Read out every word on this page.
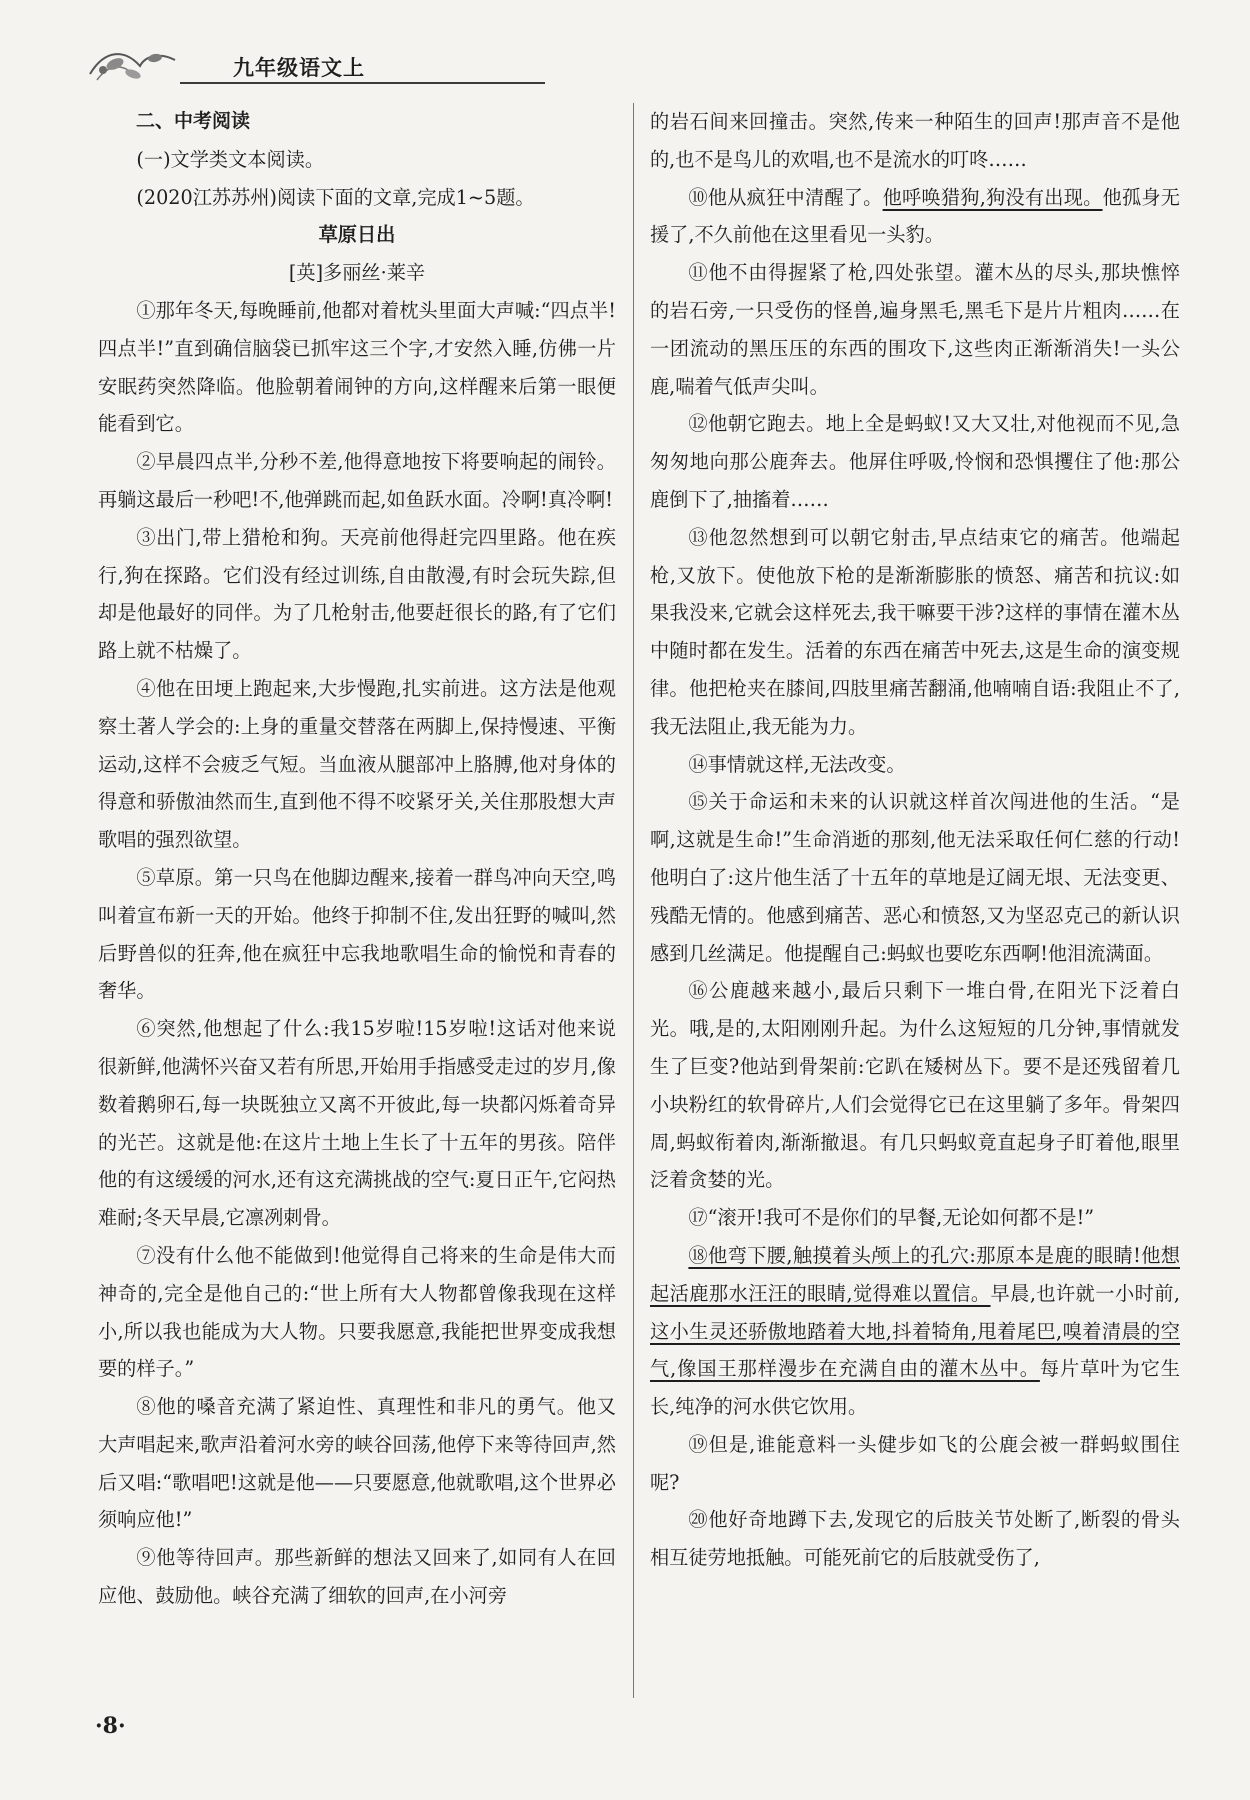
九年级语文上

二、中考阅读

(一)文学类文本阅读。

(2020江苏苏州)阅读下面的文章,完成1~5题。

草原日出

[英]多丽丝·莱辛

①那年冬天,每晚睡前,他都对着枕头里面大声喊:“四点半!四点半!”直到确信脑袋已抓牢这三个字,才安然入睡,仿佛一片安眠药突然降临。他脸朝着闹钟的方向,这样醒来后第一眼便能看到它。

②早晨四点半,分秒不差,他得意地按下将要响起的闹铃。再躺这最后一秒吧!不,他弹跳而起,如鱼跃水面。冷啊!真冷啊!

③出门,带上猎枪和狗。天亮前他得赶完四里路。他在疾行,狗在探路。它们没有经过训练,自由散漫,有时会玩失踪,但却是他最好的同伴。为了几枪射击,他要赶很长的路,有了它们路上就不枯燥了。

④他在田埂上跑起来,大步慢跑,扎实前进。这方法是他观察土著人学会的:上身的重量交替落在两脚上,保持慢速、平衡运动,这样不会疲乏气短。当血液从腿部冲上胳膊,他对身体的得意和骄傲油然而生,直到他不得不咬紧牙关,关住那股想大声歌唱的强烈欲望。

⑤草原。第一只鸟在他脚边醒来,接着一群鸟冲向天空,鸣叫着宣布新一天的开始。他终于抑制不住,发出狂野的喊叫,然后野兽似的狂奔,他在疯狂中忘我地歌唱生命的愉悦和青春的奢华。

⑥突然,他想起了什么:我15岁啦!15岁啦!这话对他来说很新鲜,他满怀兴奋又若有所思,开始用手指感受走过的岁月,像数着鹅卵石,每一块既独立又离不开彼此,每一块都闪烁着奇异的光芒。这就是他:在这片土地上生长了十五年的男孩。陪伴他的有这缓缓的河水,还有这充满挑战的空气:夏日正午,它闷热难耐;冬天早晨,它凛冽刺骨。

⑦没有什么他不能做到!他觉得自己将来的生命是伟大而神奇的,完全是他自己的:“世上所有大人物都曾像我现在这样小,所以我也能成为大人物。只要我愿意,我能把世界变成我想要的样子。”

⑧他的嗓音充满了紧迫性、真理性和非凡的勇气。他又大声唱起来,歌声沿着河水旁的峡谷回荡,他停下来等待回声,然后又唱:“歌唱吧!这就是他——只要愿意,他就歌唱,这个世界必须响应他!”

⑨他等待回声。那些新鲜的想法又回来了,如同有人在回应他、鼓励他。峡谷充满了细软的回声,在小河旁

的岩石间来回撞击。突然,传来一种陌生的回声!那声音不是他的,也不是鸟儿的欢唱,也不是流水的叮咚……

⑩他从疯狂中清醒了。他呼唤猎狗,狗没有出现。他孤身无援了,不久前他在这里看见一头豹。

⑪他不由得握紧了枪,四处张望。灌木丛的尽头,那块憔悴的岩石旁,一只受伤的怪兽,遍身黑毛,黑毛下是片片粗肉……在一团流动的黑压压的东西的围攻下,这些肉正渐渐消失!一头公鹿,喘着气低声尖叫。

⑫他朝它跑去。地上全是蚂蚁!又大又壮,对他视而不见,急匆匆地向那公鹿奔去。他屏住呼吸,怜悯和恐惧攫住了他:那公鹿倒下了,抽搐着……

⑬他忽然想到可以朝它射击,早点结束它的痛苦。他端起枪,又放下。使他放下枪的是渐渐膨胀的愤怒、痛苦和抗议:如果我没来,它就会这样死去,我干嘛要干涉?这样的事情在灌木丛中随时都在发生。活着的东西在痛苦中死去,这是生命的演变规律。他把枪夹在膝间,四肢里痛苦翻涌,他喃喃自语:我阻止不了,我无法阻止,我无能为力。

⑭事情就这样,无法改变。

⑮关于命运和未来的认识就这样首次闯进他的生活。“是啊,这就是生命!”生命消逝的那刻,他无法采取任何仁慈的行动!他明白了:这片他生活了十五年的草地是辽阔无垠、无法变更、残酷无情的。他感到痛苦、恶心和愤怒,又为坚忍克己的新认识感到几丝满足。他提醒自己:蚂蚁也要吃东西啊!他泪流满面。

⑯公鹿越来越小,最后只剩下一堆白骨,在阳光下泛着白光。哦,是的,太阳刚刚升起。为什么这短短的几分钟,事情就发生了巨变?他站到骨架前:它趴在矮树丛下。要不是还残留着几小块粉红的软骨碎片,人们会觉得它已在这里躺了多年。骨架四周,蚂蚁衔着肉,渐渐撤退。有几只蚂蚁竟直起身子盯着他,眼里泛着贪婪的光。

⑰“滚开!我可不是你们的早餐,无论如何都不是!”

⑱他弯下腰,触摸着头颅上的孔穴:那原本是鹿的眼睛!他想起活鹿那水汪汪的眼睛,觉得难以置信。早晨,也许就一小时前,这小生灵还骄傲地踏着大地,抖着犄角,甩着尾巴,嗅着清晨的空气,像国王那样漫步在充满自由的灌木丛中。每片草叶为它生长,纯净的河水供它饮用。

⑲但是,谁能意料一头健步如飞的公鹿会被一群蚂蚁围住呢?

⑳他好奇地蹲下去,发现它的后肢关节处断了,断裂的骨头相互徒劳地抵触。可能死前它的后肢就受伤了,

·8·
